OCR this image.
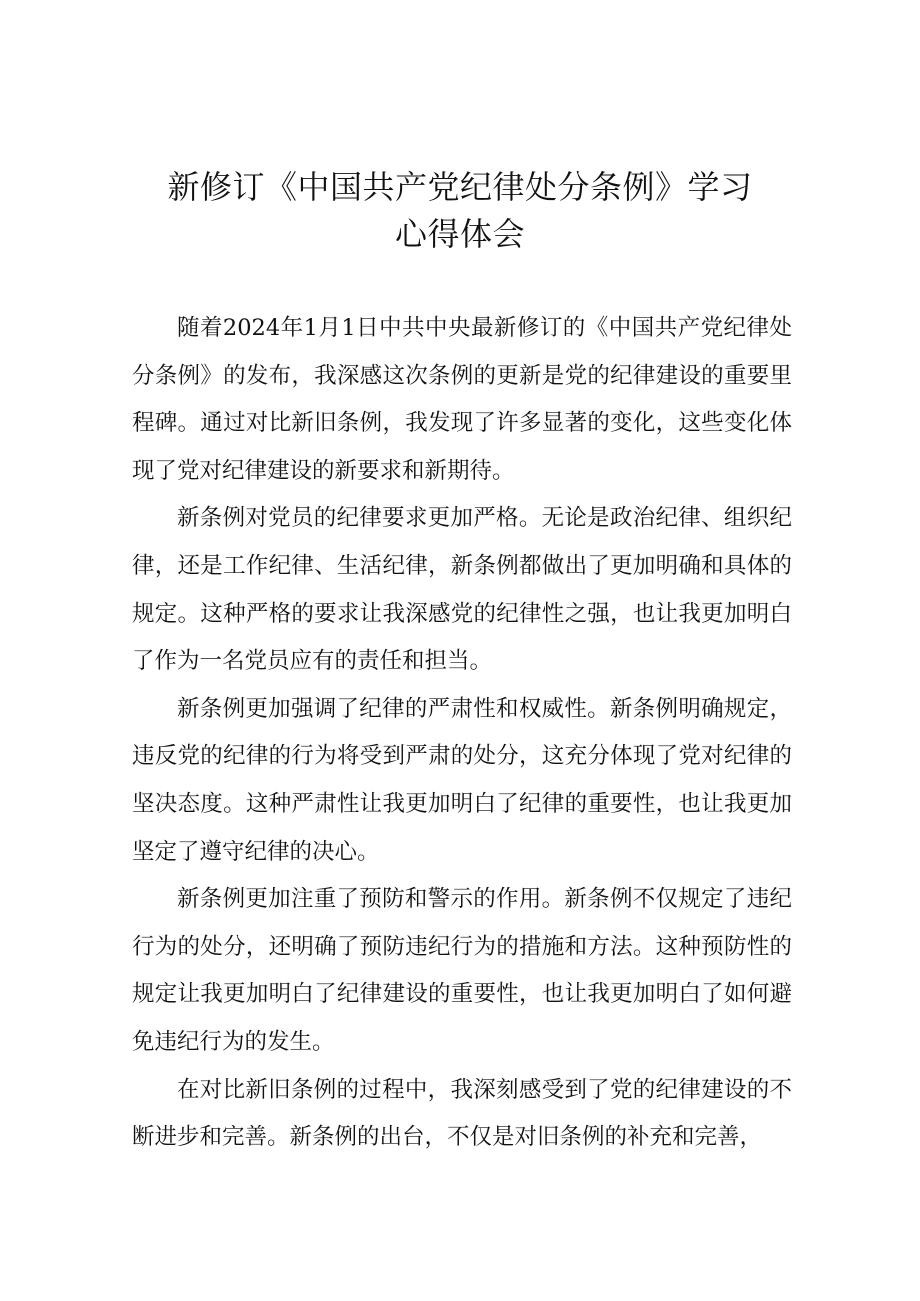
新修订《中国共产党纪律处分条例》学习
心得体会

随着2024年1月1日中共中央最新修订的《中国共产党纪律处分条例》的发布，我深感这次条例的更新是党的纪律建设的重要里程碑。通过对比新旧条例，我发现了许多显著的变化，这些变化体现了党对纪律建设的新要求和新期待。

新条例对党员的纪律要求更加严格。无论是政治纪律、组织纪律，还是工作纪律、生活纪律，新条例都做出了更加明确和具体的规定。这种严格的要求让我深感党的纪律性之强，也让我更加明白了作为一名党员应有的责任和担当。

新条例更加强调了纪律的严肃性和权威性。新条例明确规定，违反党的纪律的行为将受到严肃的处分，这充分体现了党对纪律的坚决态度。这种严肃性让我更加明白了纪律的重要性，也让我更加坚定了遵守纪律的决心。

新条例更加注重了预防和警示的作用。新条例不仅规定了违纪行为的处分，还明确了预防违纪行为的措施和方法。这种预防性的规定让我更加明白了纪律建设的重要性，也让我更加明白了如何避免违纪行为的发生。

在对比新旧条例的过程中，我深刻感受到了党的纪律建设的不断进步和完善。新条例的出台，不仅是对旧条例的补充和完善，
